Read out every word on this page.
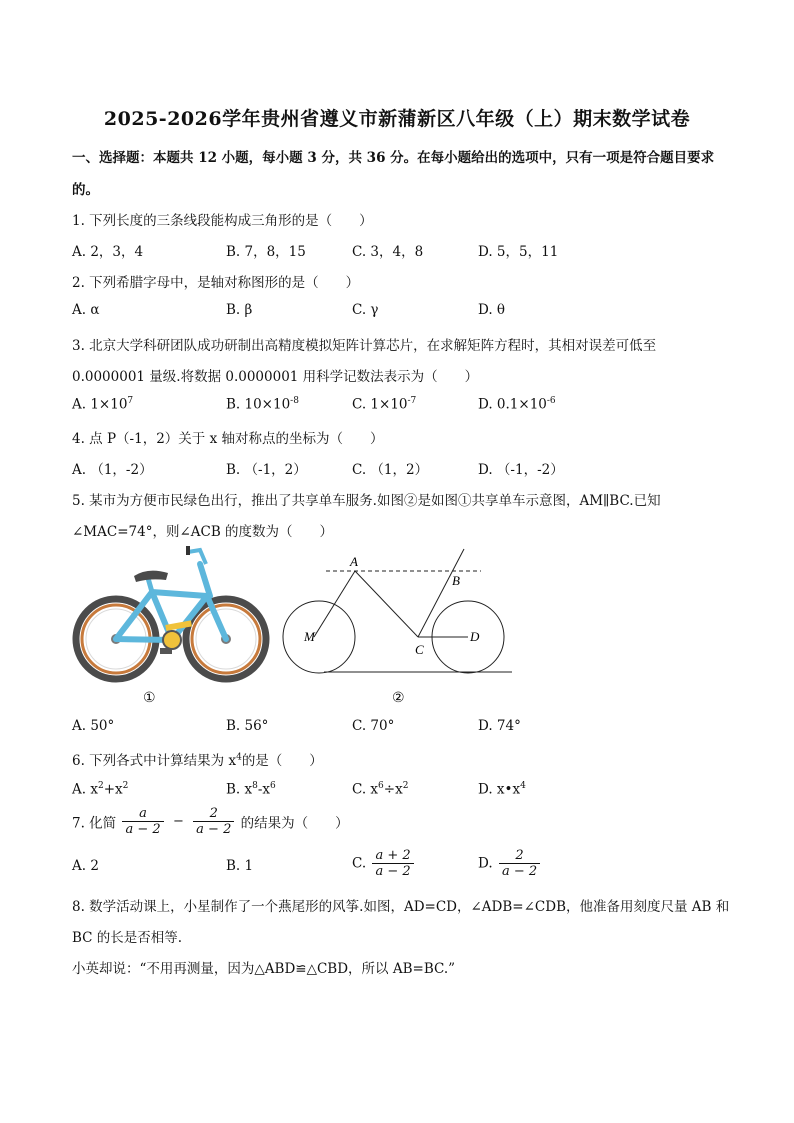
2025-2026学年贵州省遵义市新蒲新区八年级（上）期末数学试卷
一、选择题：本题共 12 小题，每小题 3 分，共 36 分。在每小题给出的选项中，只有一项是符合题目要求
的。
1. 下列长度的三条线段能构成三角形的是（　　）
A. 2，3，4	B. 7，8，15	C. 3，4，8	D. 5，5，11
2. 下列希腊字母中，是轴对称图形的是（　　）
A. α	B. β	C. γ	D. θ
3. 北京大学科研团队成功研制出高精度模拟矩阵计算芯片，在求解矩阵方程时，其相对误差可低至
0.0000001 量级.将数据 0.0000001 用科学记数法表示为（　　）
A. $1\times 10^7$	B. $10\times 10^{-8}$	C. $1\times 10^{-7}$	D. $0.1\times 10^{-6}$
4. 点 P（-1，2）关于 x 轴对称点的坐标为（　　）
A. （1，-2）	B. （-1，2）	C. （1，2）	D. （-1，-2）
5. 某市为方便市民绿色出行，推出了共享单车服务.如图②是如图①共享单车示意图，AM∥BC.已知
∠MAC=74°，则∠ACB 的度数为（　　）
①
A
B
C
D
M
②
A. 50°	B. 56°	C. 70°	D. 74°
6. 下列各式中计算结果为 $x^4$的是（　　）
A. $x^2+x^2$	B. $x^8-x^6$	C. $x^6\div x^2$	D. $x•x^4$
7. 化简 $\frac{a}{a - 2} - \frac{2}{a - 2}$ 的结果为（　　）
A. 2	B. 1	C. $\frac{a + 2}{a - 2}$	D. $\frac{2}{a - 2}$
8. 数学活动课上，小星制作了一个燕尾形的风筝.如图，AD=CD，∠ADB=∠CDB，他准备用刻度尺量 AB 和
BC 的长是否相等.
小英却说：“不用再测量，因为△ABD≌△CBD，所以 AB=BC.”
